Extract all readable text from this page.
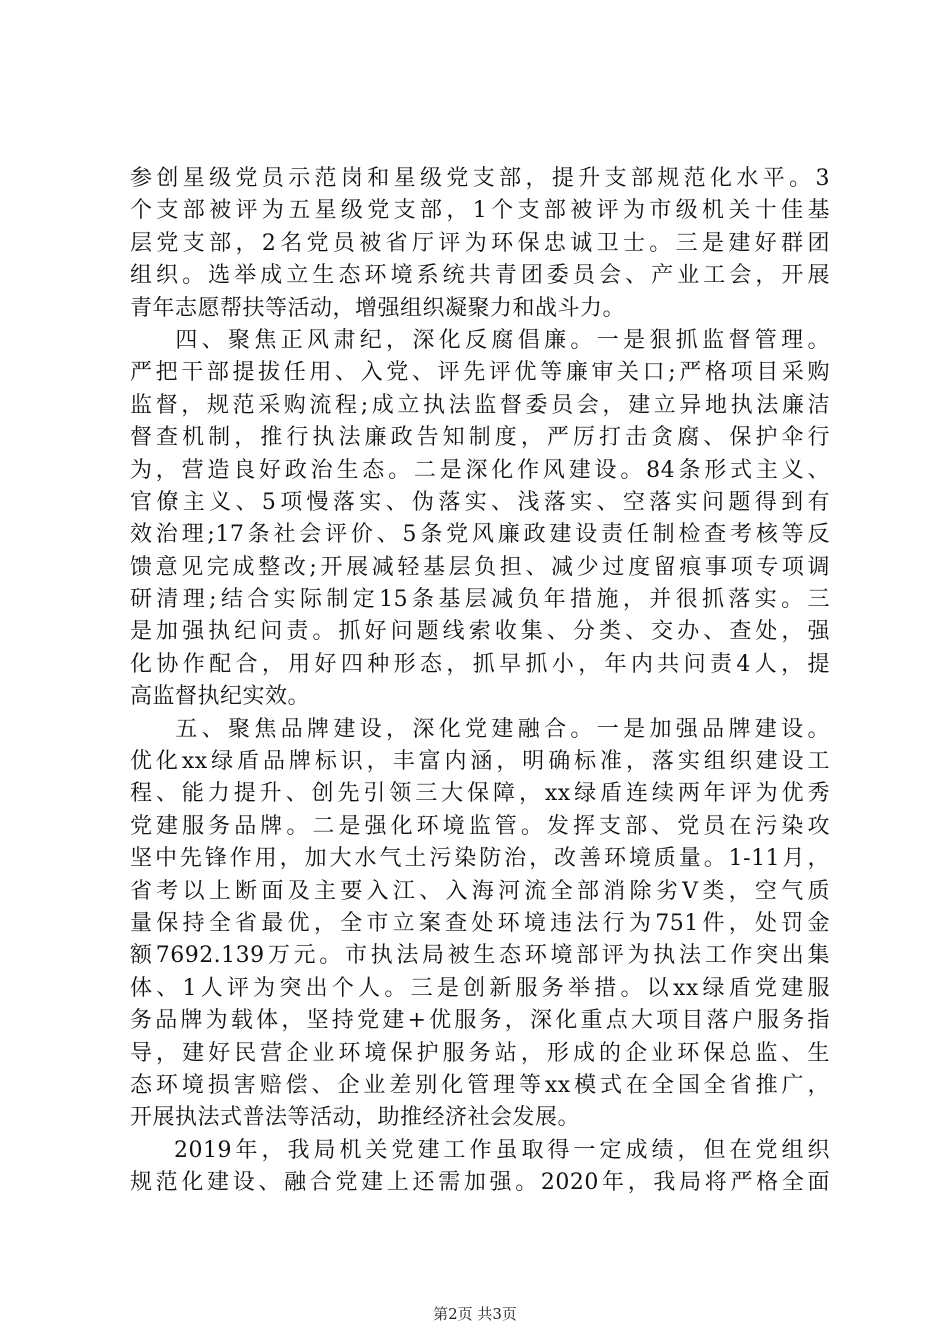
参创星级党员示范岗和星级党支部，提升支部规范化水平。3
个支部被评为五星级党支部，1个支部被评为市级机关十佳基
层党支部，2名党员被省厅评为环保忠诚卫士。三是建好群团
组织。选举成立生态环境系统共青团委员会、产业工会，开展
青年志愿帮扶等活动，增强组织凝聚力和战斗力。
四、聚焦正风肃纪，深化反腐倡廉。一是狠抓监督管理。
严把干部提拔任用、入党、评先评优等廉审关口;严格项目采购
监督，规范采购流程;成立执法监督委员会，建立异地执法廉洁
督查机制，推行执法廉政告知制度，严厉打击贪腐、保护伞行
为，营造良好政治生态。二是深化作风建设。84条形式主义、
官僚主义、5项慢落实、伪落实、浅落实、空落实问题得到有
效治理;17条社会评价、5条党风廉政建设责任制检查考核等反
馈意见完成整改;开展减轻基层负担、减少过度留痕事项专项调
研清理;结合实际制定15条基层减负年措施，并很抓落实。三
是加强执纪问责。抓好问题线索收集、分类、交办、查处，强
化协作配合，用好四种形态，抓早抓小，年内共问责4人，提
高监督执纪实效。
五、聚焦品牌建设，深化党建融合。一是加强品牌建设。
优化xx绿盾品牌标识，丰富内涵，明确标准，落实组织建设工
程、能力提升、创先引领三大保障，xx绿盾连续两年评为优秀
党建服务品牌。二是强化环境监管。发挥支部、党员在污染攻
坚中先锋作用，加大水气土污染防治，改善环境质量。1-11月，
省考以上断面及主要入江、入海河流全部消除劣Ⅴ类，空气质
量保持全省最优，全市立案查处环境违法行为751件，处罚金
额7692.139万元。市执法局被生态环境部评为执法工作突出集
体、1人评为突出个人。三是创新服务举措。以xx绿盾党建服
务品牌为载体，坚持党建+优服务，深化重点大项目落户服务指
导，建好民营企业环境保护服务站，形成的企业环保总监、生
态环境损害赔偿、企业差别化管理等xx模式在全国全省推广，
开展执法式普法等活动，助推经济社会发展。
2019年，我局机关党建工作虽取得一定成绩，但在党组织
规范化建设、融合党建上还需加强。2020年，我局将严格全面
第2页 共3页
